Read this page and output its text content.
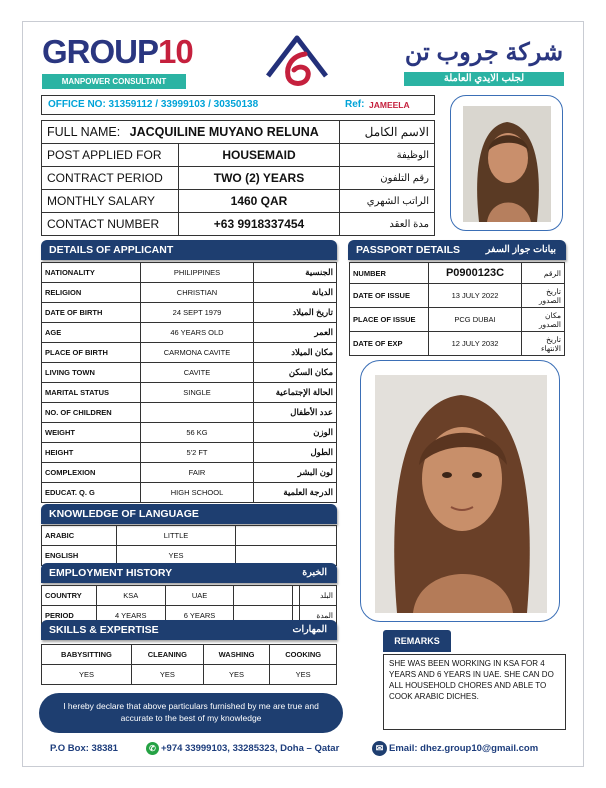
GROUP10
MANPOWER CONSULTANT
شركة جروب تن
لجلب الايدي العاملة
OFFICE NO: 31359112 / 33999103 / 30350138	Ref: JAMEELA
FULL NAME: JACQUILINE MUYANO RELUNA		الاسم الكامل
POST APPLIED FOR	HOUSEMAID	الوظيفة
CONTRACT PERIOD	TWO (2) YEARS	رقم التلفون
MONTHLY SALARY	1460 QAR	الراتب الشهري
CONTACT NUMBER	+63 9918337454	مدة العقد
DETAILS OF APPLICANT
NATIONALITY	PHILIPPINES	الجنسية
RELIGION	CHRISTIAN	الديانة
DATE OF BIRTH	24 SEPT 1979	تاريخ الميلاد
AGE	46 YEARS OLD	العمر
PLACE OF BIRTH	CARMONA CAVITE	مكان الميلاد
LIVING TOWN	CAVITE	مكان السكن
MARITAL STATUS	SINGLE	الحالة الإجتماعية
NO. OF CHILDREN		عدد الأطفال
WEIGHT	56 KG	الوزن
HEIGHT	5'2 FT	الطول
COMPLEXION	FAIR	لون البشر
EDUCAT. Q. G	HIGH SCHOOL	الدرجة العلمية
PASSPORT DETAILS	بيانات جواز السفر
NUMBER	P0900123C	الرقم
DATE OF ISSUE	13 JULY 2022	تاريخ الصدور
PLACE OF ISSUE	PCG DUBAI	مكان الصدور
DATE OF EXP	12 JULY 2032	تاريخ الانتهاء
KNOWLEDGE OF LANGUAGE
ARABIC	LITTLE	
ENGLISH	YES	
EMPLOYMENT HISTORY	الخبرة
COUNTRY	KSA	UAE			البلد
PERIOD	4 YEARS	6 YEARS			المدة
SKILLS & EXPERTISE	المهارات
BABYSITTING	CLEANING	WASHING	COOKING
YES	YES	YES	YES
REMARKS
SHE WAS BEEN WORKING IN KSA FOR 4 YEARS AND 6 YEARS IN UAE. SHE CAN DO ALL HOUSEHOLD CHORES AND ABLE TO COOK ARABIC DICHES.
I hereby declare that above particulars furnished by me are true and accurate to the best of my knowledge
P.O Box: 38381	✆ +974 33999103, 33285323, Doha – Qatar	✉ Email: dhez.group10@gmail.com
